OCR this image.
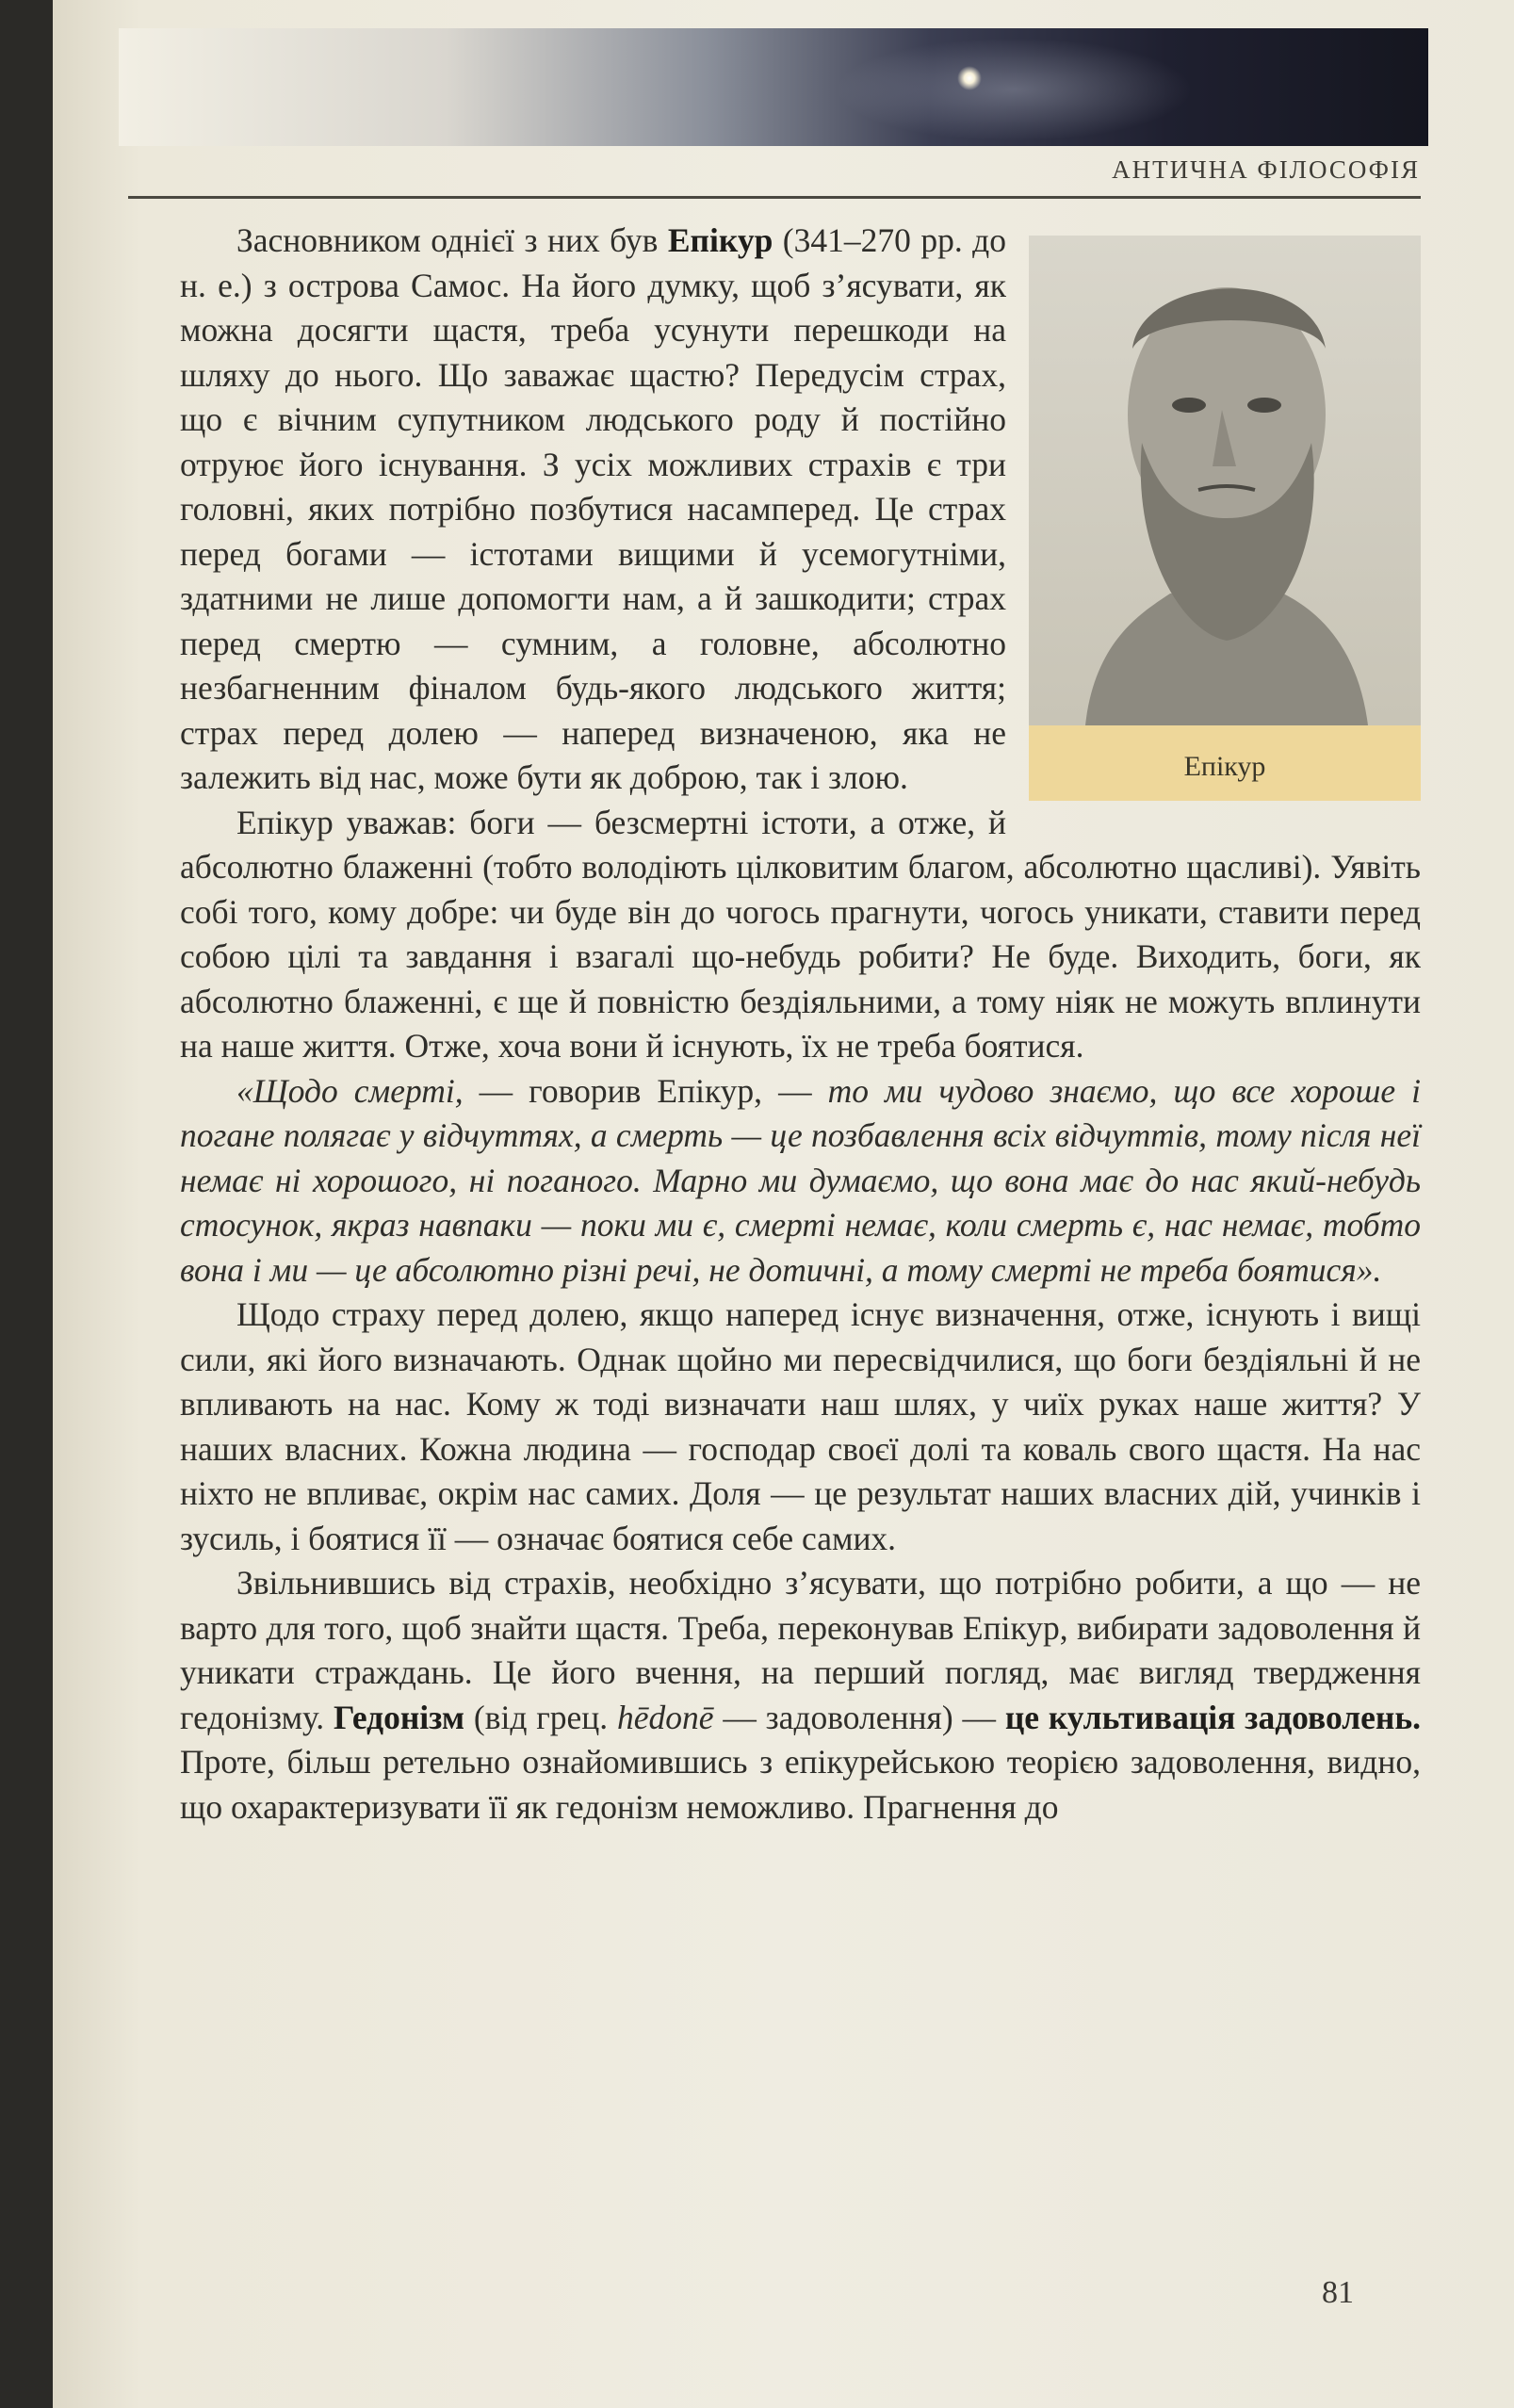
АНТИЧНА ФІЛОСОФІЯ
Епікур

Засновником однієї з них був Епікур (341–270 рр. до н. е.) з острова Самос. На його думку, щоб з’ясувати, як можна досягти щастя, треба усунути перешкоди на шляху до нього. Що заважає щастю? Передусім страх, що є вічним супутником людського роду й постійно отруює його існування. З усіх можливих страхів є три головні, яких потрібно позбутися насамперед. Це страх перед богами — істотами вищими й усемогутніми, здатними не лише допомогти нам, а й зашкодити; страх перед смертю — сумним, а головне, абсолютно незбагненним фіналом будь-якого людського життя; страх перед долею — наперед визначеною, яка не залежить від нас, може бути як доброю, так і злою.

Епікур уважав: боги — безсмертні істоти, а отже, й абсолютно блаженні (тобто володіють цілковитим благом, абсолютно щасливі). Уявіть собі того, кому добре: чи буде він до чогось прагнути, чогось уникати, ставити перед собою цілі та завдання і взагалі що-небудь робити? Не буде. Виходить, боги, як абсолютно блаженні, є ще й повністю бездіяльними, а тому ніяк не можуть вплинути на наше життя. Отже, хоча вони й існують, їх не треба боятися.

«Щодо смерті, — говорив Епікур, — то ми чудово знаємо, що все хороше і погане полягає у відчуттях, а смерть — це позбавлення всіх відчуттів, тому після неї немає ні хорошого, ні поганого. Марно ми думаємо, що вона має до нас який-небудь стосунок, якраз навпаки — поки ми є, смерті немає, коли смерть є, нас немає, тобто вона і ми — це абсолютно різні речі, не дотичні, а тому смерті не треба боятися».

Щодо страху перед долею, якщо наперед існує визначення, отже, існують і вищі сили, які його визначають. Однак щойно ми пересвідчилися, що боги бездіяльні й не впливають на нас. Кому ж тоді визначати наш шлях, у чиїх руках наше життя? У наших власних. Кожна людина — господар своєї долі та коваль свого щастя. На нас ніхто не впливає, окрім нас самих. Доля — це результат наших власних дій, учинків і зусиль, і боятися її — означає боятися себе самих.

Звільнившись від страхів, необхідно з’ясувати, що потрібно робити, а що — не варто для того, щоб знайти щастя. Треба, переконував Епікур, вибирати задоволення й уникати страждань. Це його вчення, на перший погляд, має вигляд твердження гедонізму. Гедонізм (від грец. hēdonē — задоволення) — це культивація задоволень. Проте, більш ретельно ознайомившись з епікурейською теорією задоволення, видно, що охарактеризувати її як гедонізм неможливо. Прагнення до

81
